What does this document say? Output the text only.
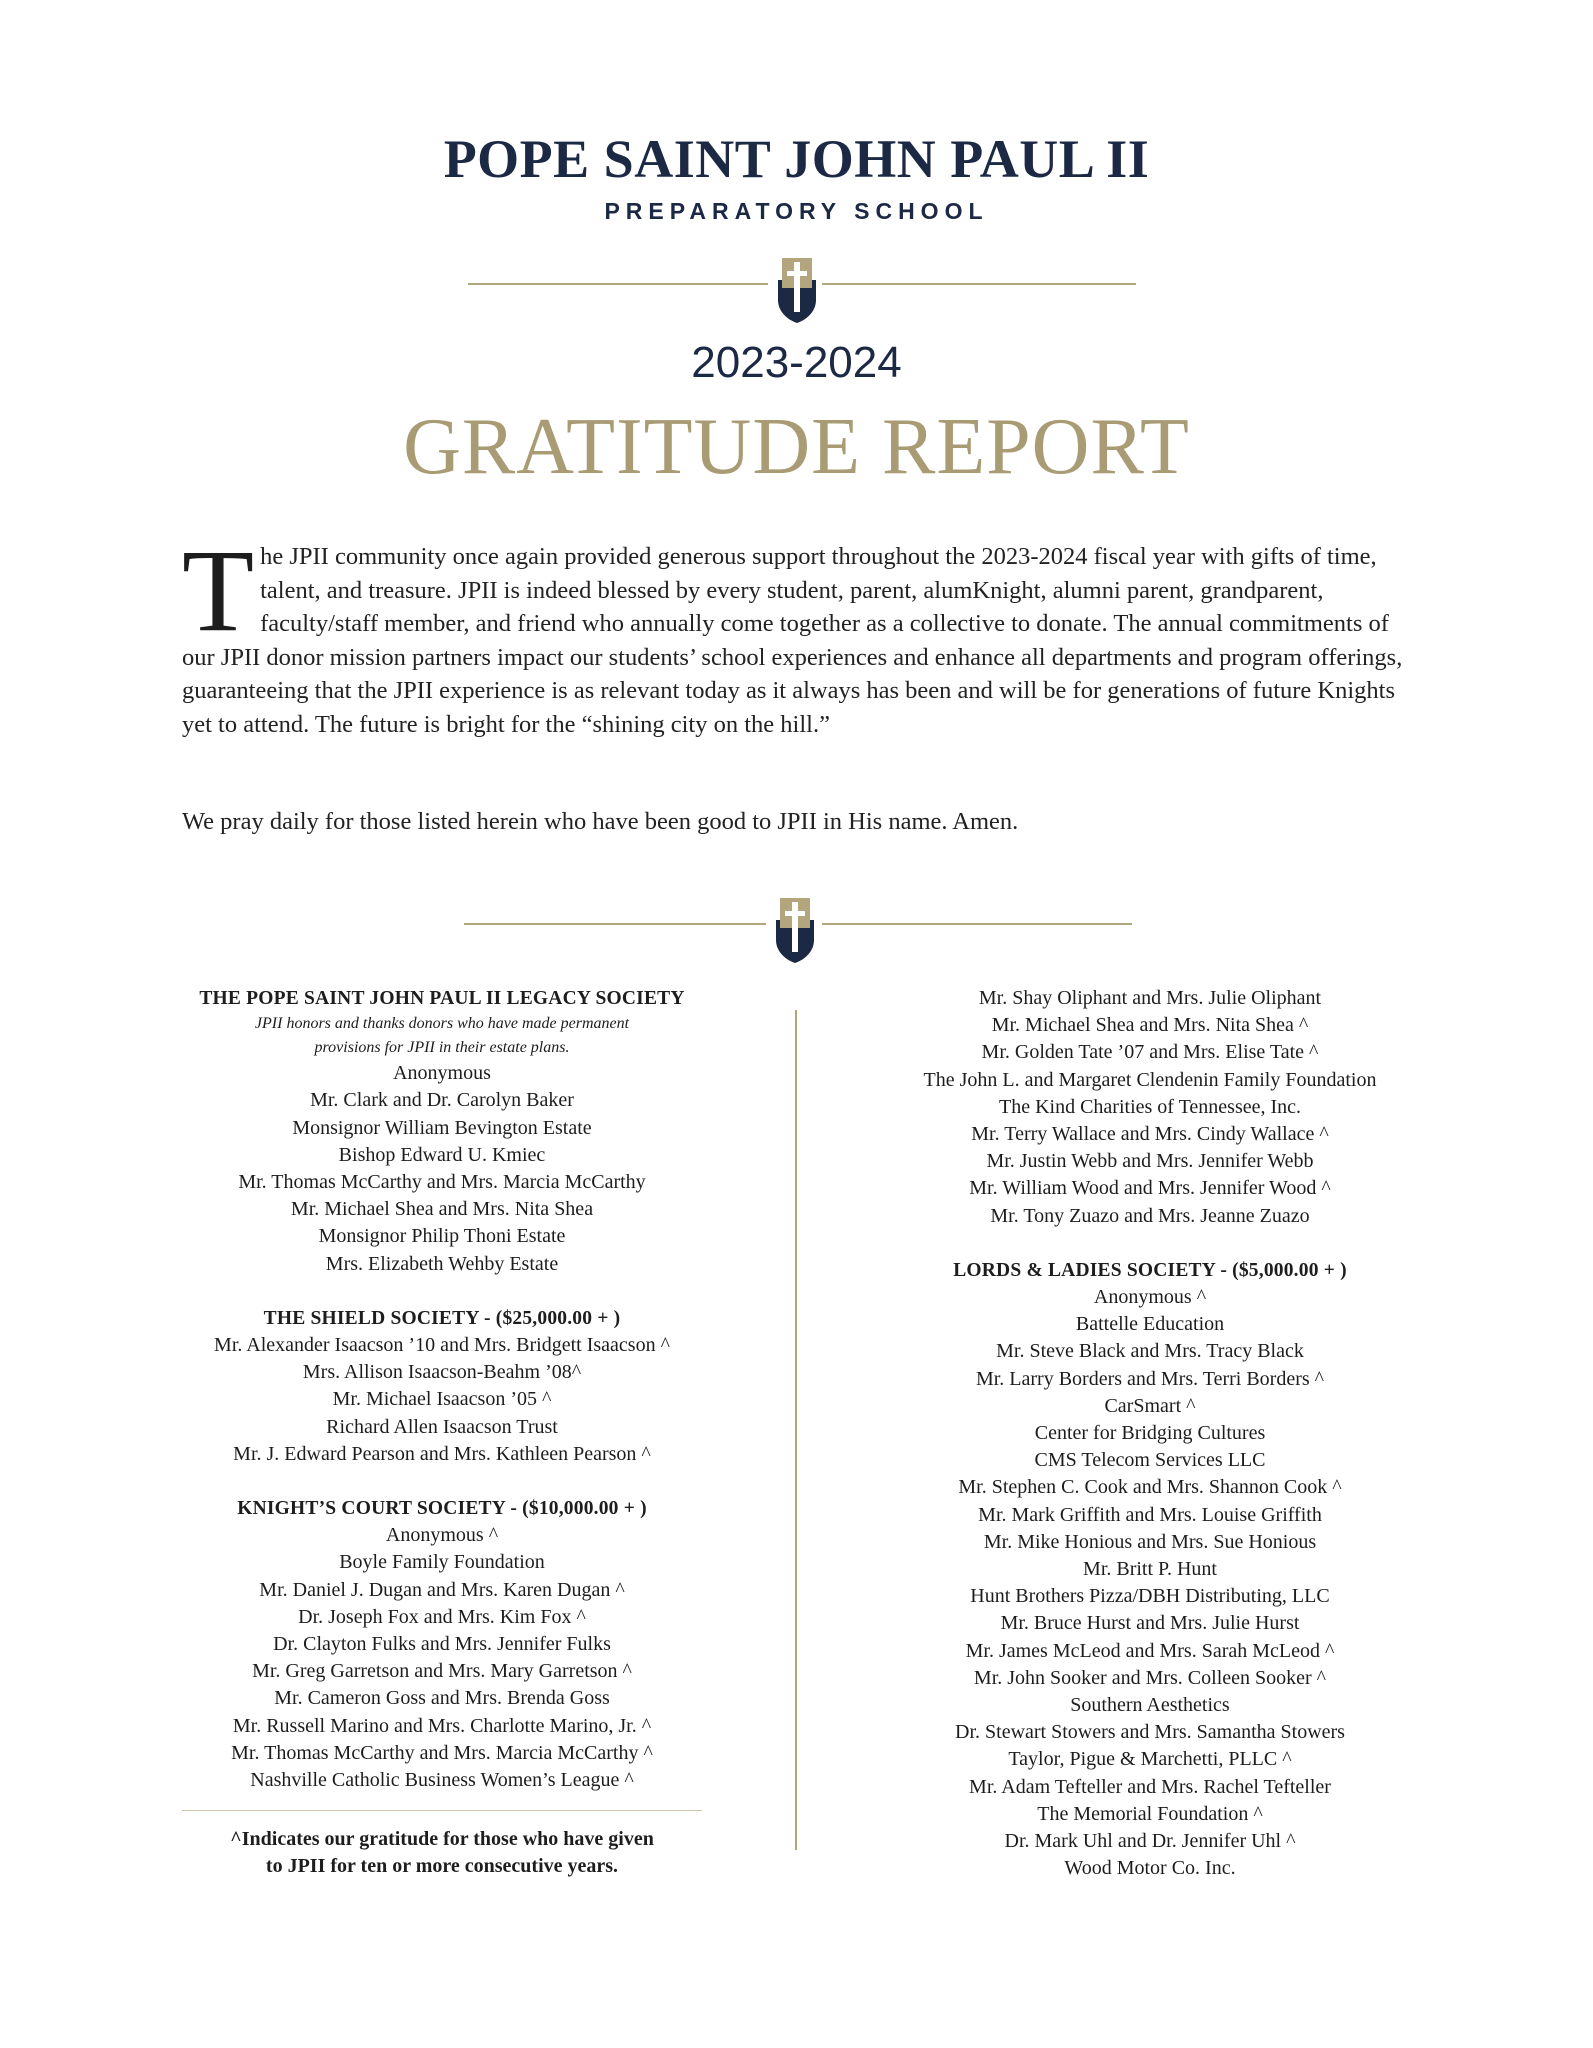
POPE SAINT JOHN PAUL II
PREPARATORY SCHOOL
2023-2024
GRATITUDE REPORT
T he JPII community once again provided generous support throughout the 2023-2024 fiscal year with gifts of time, talent, and treasure. JPII is indeed blessed by every student, parent, alumKnight, alumni parent, grandparent, faculty/staff member, and friend who annually come together as a collective to donate. The annual commitments of our JPII donor mission partners impact our students’ school experiences and enhance all departments and program offerings, guaranteeing that the JPII experience is as relevant today as it always has been and will be for generations of future Knights yet to attend. The future is bright for the “shining city on the hill.”

We pray daily for those listed herein who have been good to JPII in His name. Amen.
THE POPE SAINT JOHN PAUL II LEGACY SOCIETY
JPII honors and thanks donors who have made permanent
provisions for JPII in their estate plans.
Anonymous
Mr. Clark and Dr. Carolyn Baker
Monsignor William Bevington Estate
Bishop Edward U. Kmiec
Mr. Thomas McCarthy and Mrs. Marcia McCarthy
Mr. Michael Shea and Mrs. Nita Shea
Monsignor Philip Thoni Estate
Mrs. Elizabeth Wehby Estate
THE SHIELD SOCIETY - ($25,000.00 + )
Mr. Alexander Isaacson ’10 and Mrs. Bridgett Isaacson ^
Mrs. Allison Isaacson-Beahm ’08^
Mr. Michael Isaacson ’05 ^
Richard Allen Isaacson Trust
Mr. J. Edward Pearson and Mrs. Kathleen Pearson ^
KNIGHT’S COURT SOCIETY - ($10,000.00 + )
Anonymous ^
Boyle Family Foundation
Mr. Daniel J. Dugan and Mrs. Karen Dugan ^
Dr. Joseph Fox and Mrs. Kim Fox ^
Dr. Clayton Fulks and Mrs. Jennifer Fulks
Mr. Greg Garretson and Mrs. Mary Garretson ^
Mr. Cameron Goss and Mrs. Brenda Goss
Mr. Russell Marino and Mrs. Charlotte Marino, Jr. ^
Mr. Thomas McCarthy and Mrs. Marcia McCarthy ^
Nashville Catholic Business Women’s League ^
^Indicates our gratitude for those who have given
to JPII for ten or more consecutive years.
Mr. Shay Oliphant and Mrs. Julie Oliphant
Mr. Michael Shea and Mrs. Nita Shea ^
Mr. Golden Tate ’07 and Mrs. Elise Tate ^
The John L. and Margaret Clendenin Family Foundation
The Kind Charities of Tennessee, Inc.
Mr. Terry Wallace and Mrs. Cindy Wallace ^
Mr. Justin Webb and Mrs. Jennifer Webb
Mr. William Wood and Mrs. Jennifer Wood ^
Mr. Tony Zuazo and Mrs. Jeanne Zuazo
LORDS & LADIES SOCIETY - ($5,000.00 + )
Anonymous ^
Battelle Education
Mr. Steve Black and Mrs. Tracy Black
Mr. Larry Borders and Mrs. Terri Borders ^
CarSmart ^
Center for Bridging Cultures
CMS Telecom Services LLC
Mr. Stephen C. Cook and Mrs. Shannon Cook ^
Mr. Mark Griffith and Mrs. Louise Griffith
Mr. Mike Honious and Mrs. Sue Honious
Mr. Britt P. Hunt
Hunt Brothers Pizza/DBH Distributing, LLC
Mr. Bruce Hurst and Mrs. Julie Hurst
Mr. James McLeod and Mrs. Sarah McLeod ^
Mr. John Sooker and Mrs. Colleen Sooker ^
Southern Aesthetics
Dr. Stewart Stowers and Mrs. Samantha Stowers
Taylor, Pigue & Marchetti, PLLC ^
Mr. Adam Tefteller and Mrs. Rachel Tefteller
The Memorial Foundation ^
Dr. Mark Uhl and Dr. Jennifer Uhl ^
Wood Motor Co. Inc.
